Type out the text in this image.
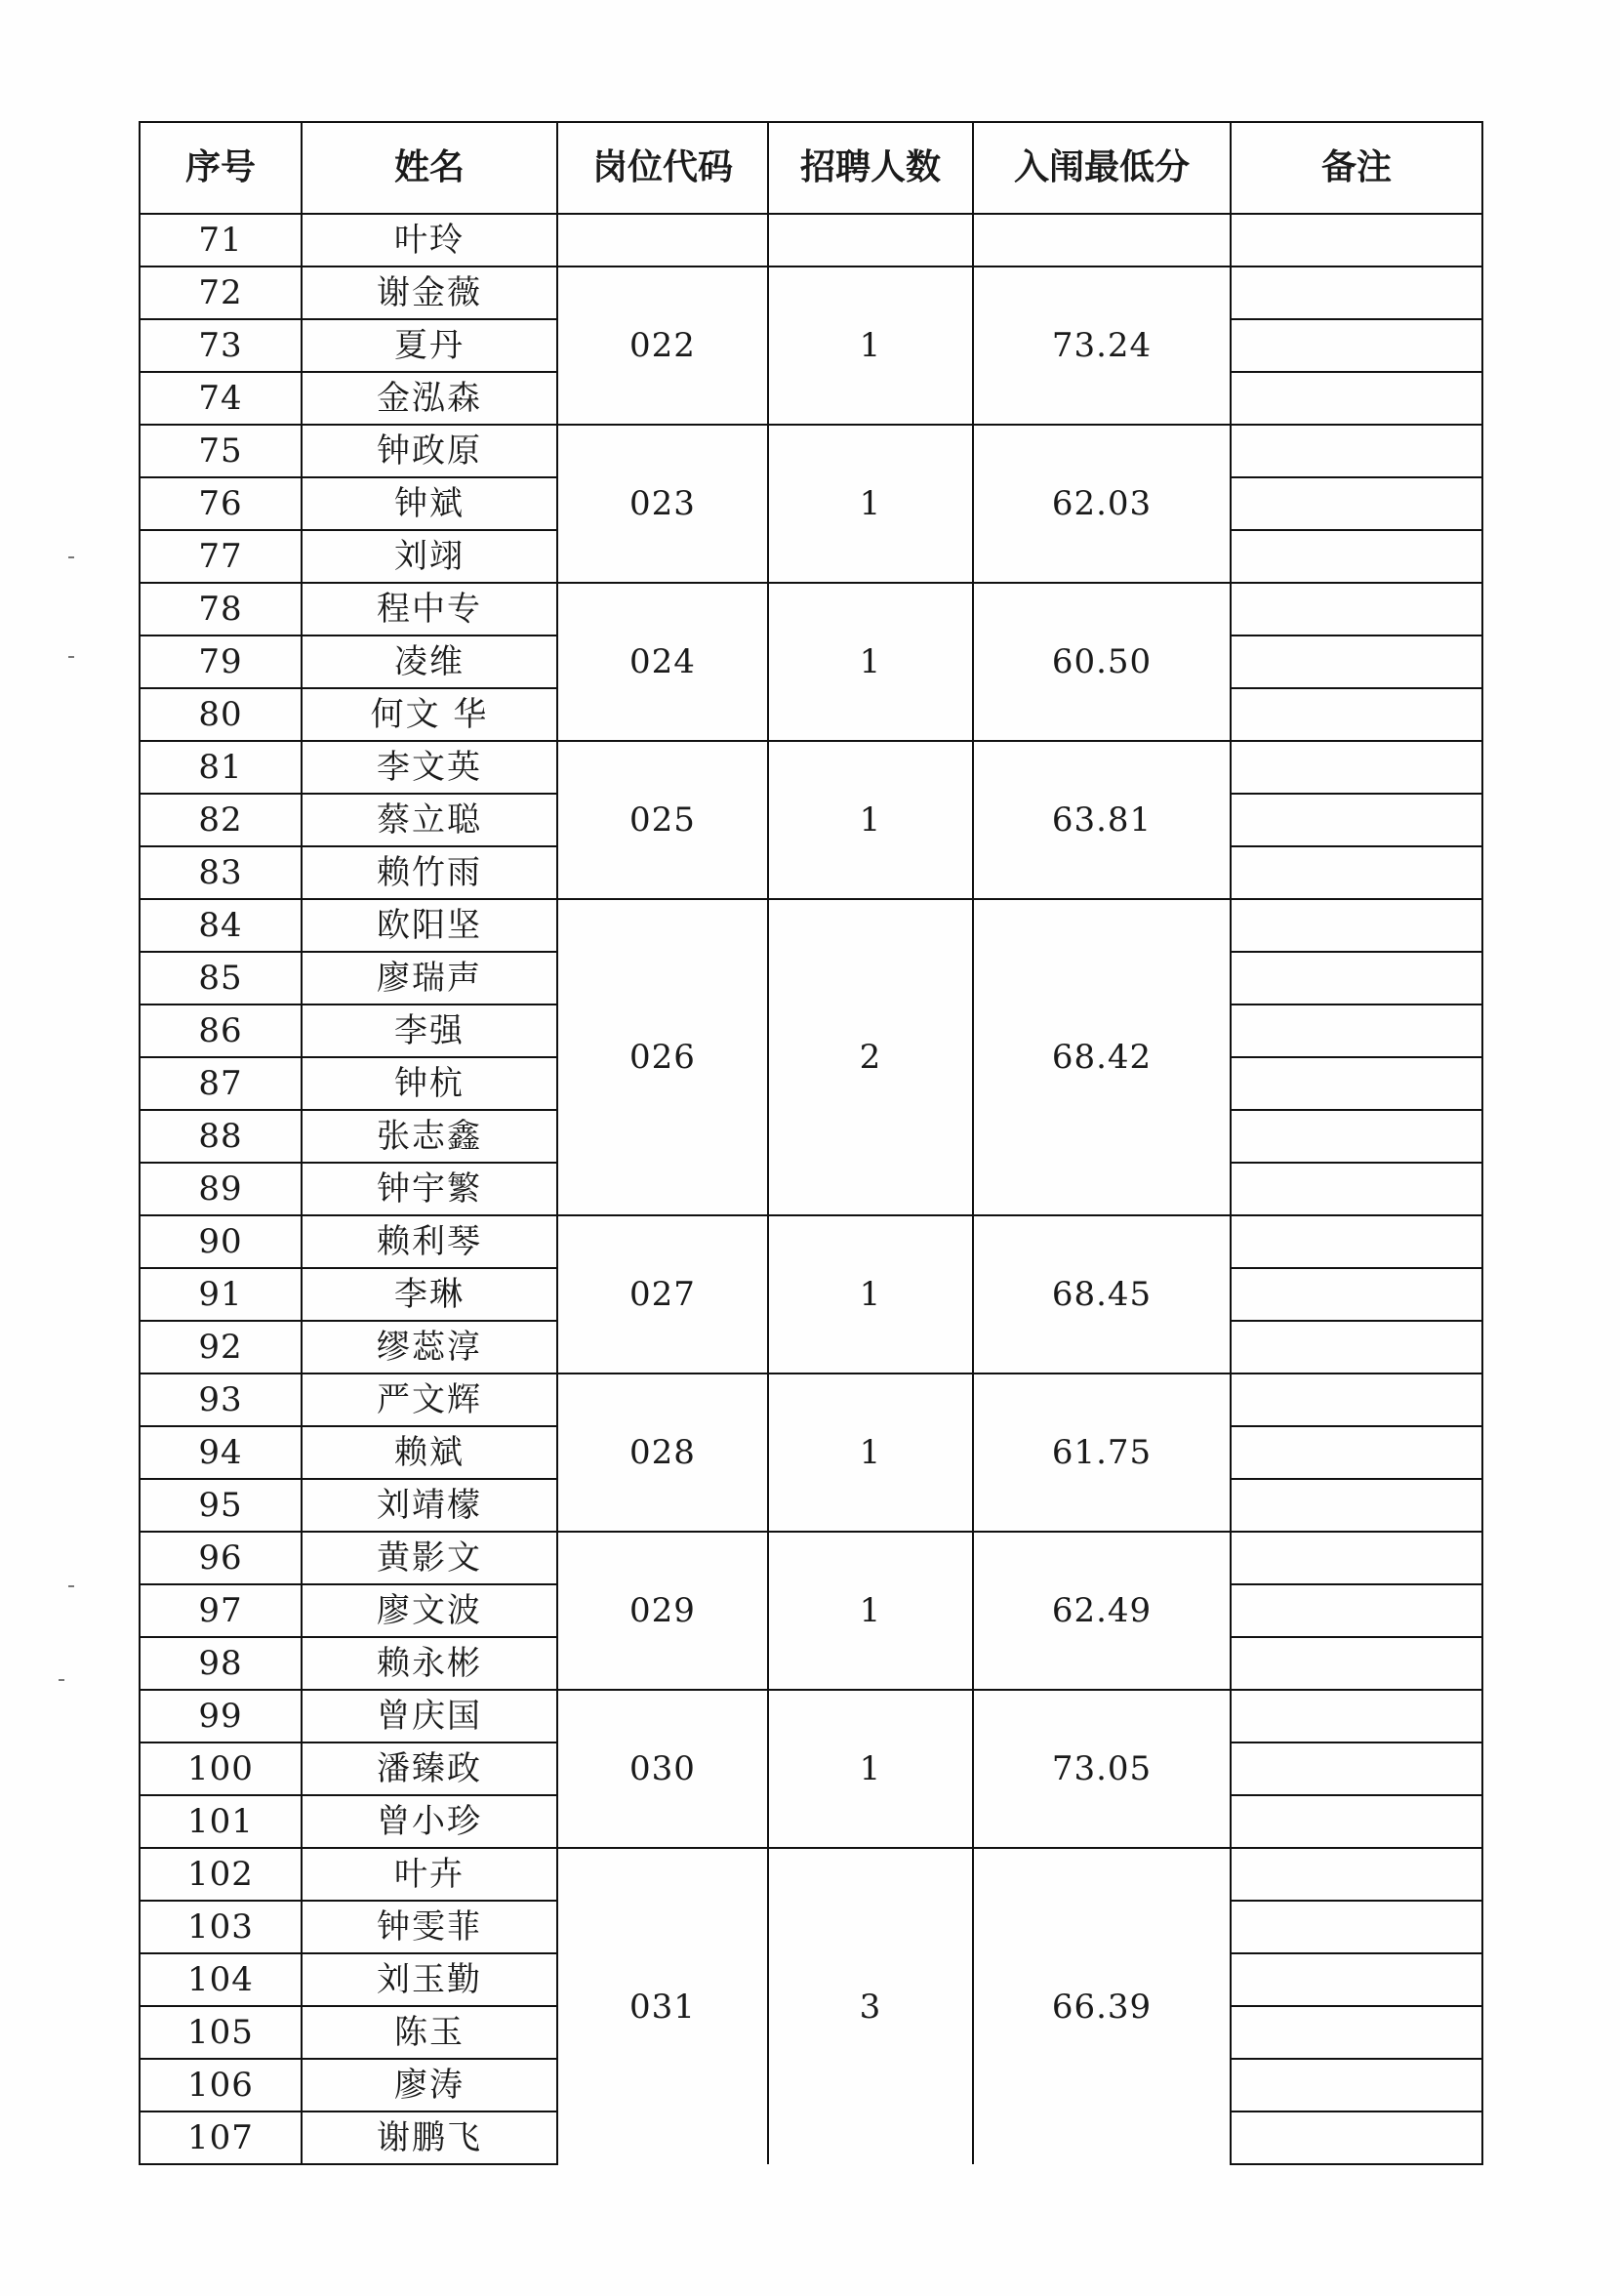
序号	姓名	岗位代码	招聘人数	入闱最低分	备注
71	叶玲				
72	谢金薇	022	1	73.24	
73	夏丹				
74	金泓森				
75	钟政原	023	1	62.03	
76	钟斌				
77	刘翊				
78	程中专	024	1	60.50	
79	凌维				
80	何文 华				
81	李文英	025	1	63.81	
82	蔡立聪				
83	赖竹雨				
84	欧阳坚	026	2	68.42	
85	廖瑞声				
86	李强				
87	钟杭				
88	张志鑫				
89	钟宇繁				
90	赖利琴	027	1	68.45	
91	李琳				
92	缪蕊淳				
93	严文辉	028	1	61.75	
94	赖斌				
95	刘靖檬				
96	黄影文	029	1	62.49	
97	廖文波				
98	赖永彬				
99	曾庆国	030	1	73.05	
100	潘臻政				
101	曾小珍				
102	叶卉	031	3	66.39	
103	钟雯菲				
104	刘玉勤				
105	陈玉				
106	廖涛				
107	谢鹏飞				
